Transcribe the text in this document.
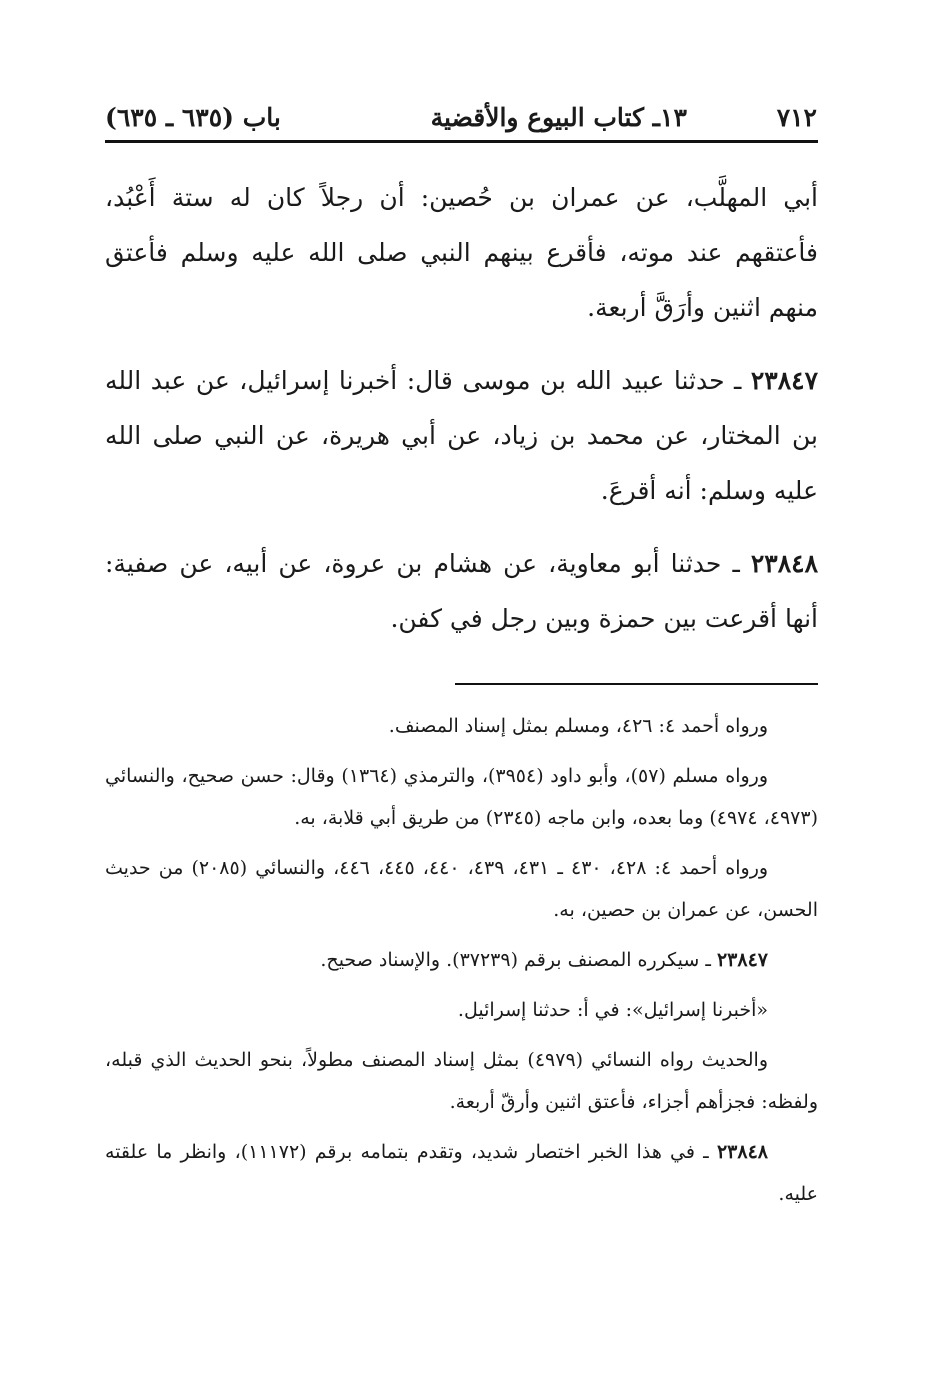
٧١٢
١٣ـ كتاب البيوع والأقضية
باب (٦٣٥ ـ ٦٣٥)

أبي المهلَّب، عن عمران بن حُصين: أن رجلاً كان له ستة أَعْبُد، فأعتقهم عند موته، فأقرع بينهم النبي صلى الله عليه وسلم فأعتق منهم اثنين وأرَقَّ أربعة.

٢٣٨٤٧ ـ حدثنا عبيد الله بن موسى قال: أخبرنا إسرائيل، عن عبد الله بن المختار، عن محمد بن زياد، عن أبي هريرة، عن النبي صلى الله عليه وسلم: أنه أقرعَ.

٢٣٨٤٨ ـ حدثنا أبو معاوية، عن هشام بن عروة، عن أبيه، عن صفية: أنها أقرعت بين حمزة وبين رجل في كفن.

ورواه أحمد ٤: ٤٢٦، ومسلم بمثل إسناد المصنف.

ورواه مسلم (٥٧)، وأبو داود (٣٩٥٤)، والترمذي (١٣٦٤) وقال: حسن صحيح، والنسائي (٤٩٧٣، ٤٩٧٤) وما بعده، وابن ماجه (٢٣٤٥) من طريق أبي قلابة، به.

ورواه أحمد ٤: ٤٢٨، ٤٣٠ ـ ٤٣١، ٤٣٩، ٤٤٠، ٤٤٥، ٤٤٦، والنسائي (٢٠٨٥) من حديث الحسن، عن عمران بن حصين، به.

٢٣٨٤٧ ـ سيكرره المصنف برقم (٣٧٢٣٩). والإسناد صحيح.

«أخبرنا إسرائيل»: في أ: حدثنا إسرائيل.

والحديث رواه النسائي (٤٩٧٩) بمثل إسناد المصنف مطولاً، بنحو الحديث الذي قبله، ولفظه: فجزأهم أجزاء، فأعتق اثنين وأرقّ أربعة.

٢٣٨٤٨ ـ في هذا الخبر اختصار شديد، وتقدم بتمامه برقم (١١١٧٢)، وانظر ما علقته عليه.
